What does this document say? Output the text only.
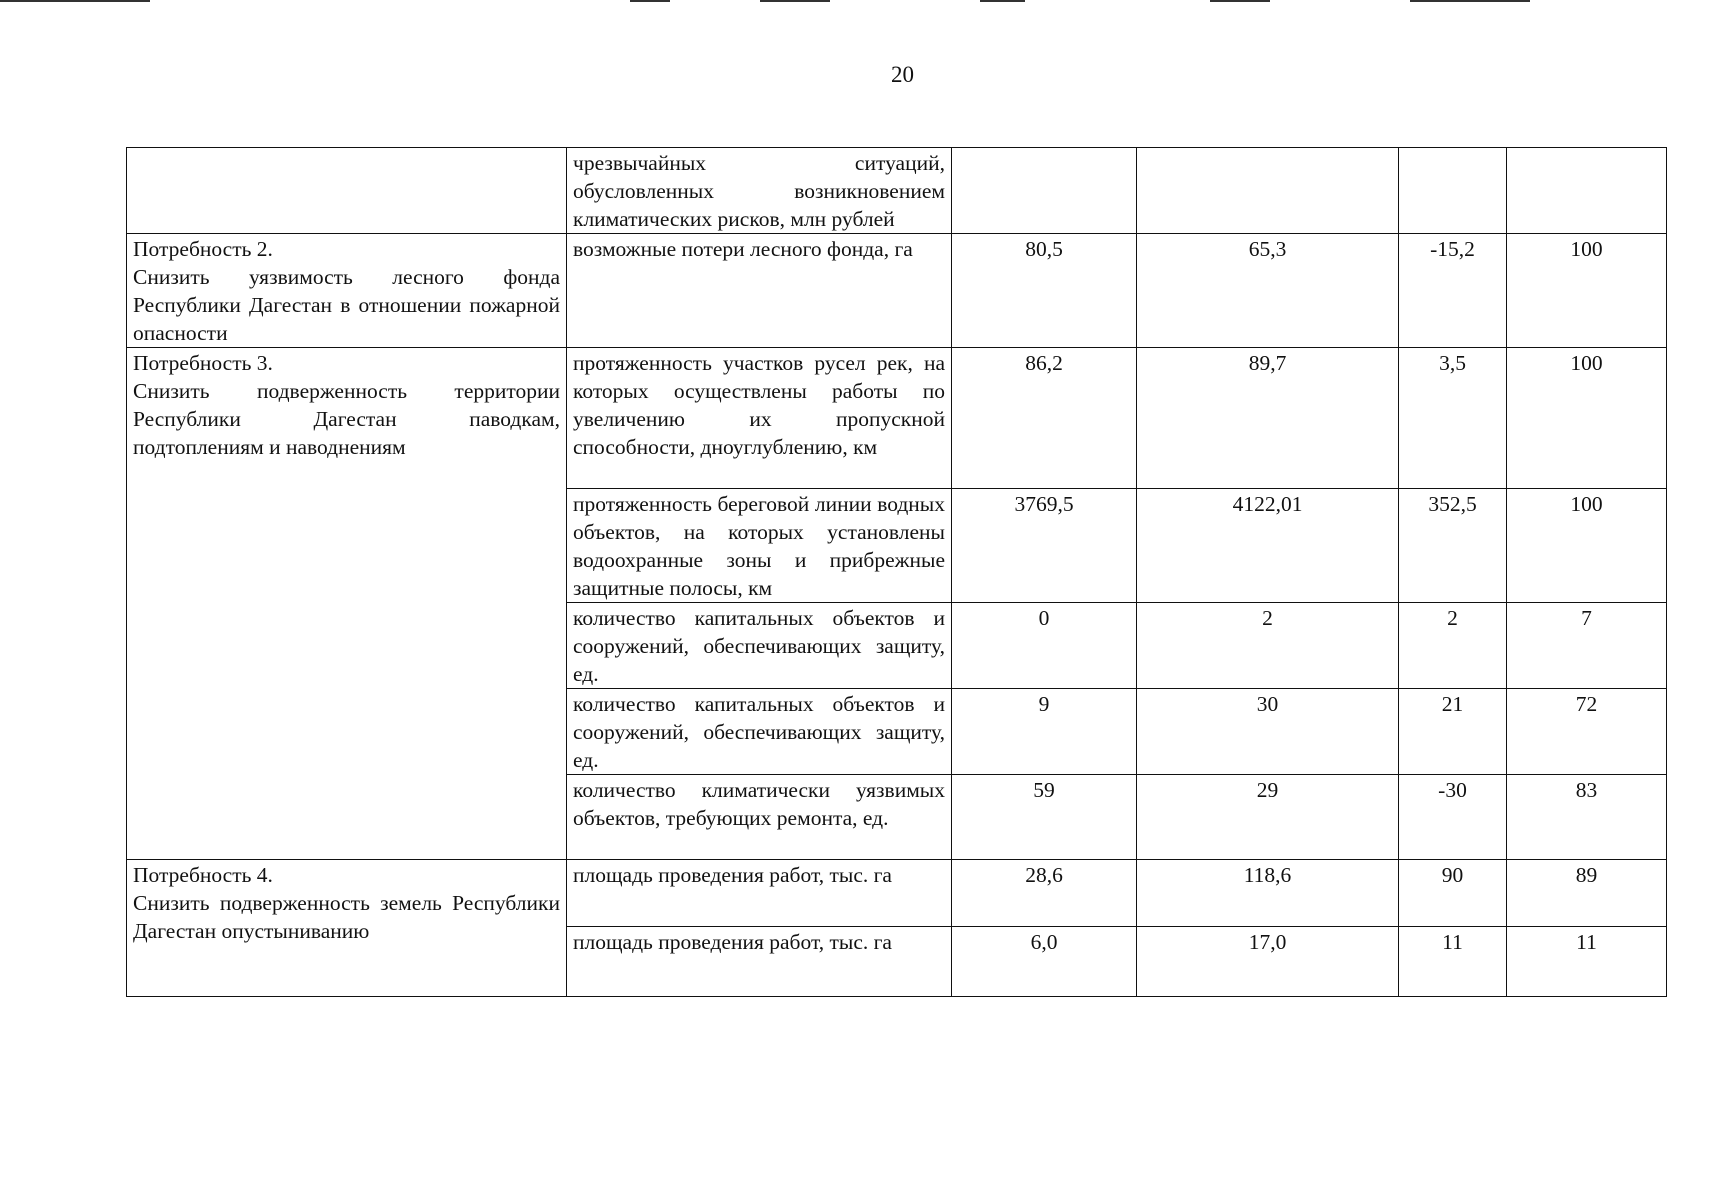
20
	чрезвычайных ситуаций, обусловленных возникновением климатических рисков, млн рублей				

Потребность 2.
Снизить уязвимость лесного фонда Республики Дагестан в отношении пожарной опасности	возможные потери лесного фонда, га	80,5	65,3	-15,2	100

Потребность 3.
Снизить подверженность территории Республики Дагестан паводкам, подтоплениям и наводнениям	протяженность участков русел рек, на которых осуществлены работы по увеличению их пропускной способности, дноуглублению, км	86,2	89,7	3,5	100
	протяженность береговой линии водных объектов, на которых установлены водоохранные зоны и прибрежные защитные полосы, км	3769,5	4122,01	352,5	100
	количество капитальных объектов и сооружений, обеспечивающих защиту, ед.	0	2	2	7
	количество капитальных объектов и сооружений, обеспечивающих защиту, ед.	9	30	21	72
	количество климатически уязвимых объектов, требующих ремонта, ед.	59	29	-30	83

Потребность 4.
Снизить подверженность земель Республики Дагестан опустыниванию	площадь проведения работ, тыс. га	28,6	118,6	90	89
	площадь проведения работ, тыс. га	6,0	17,0	11	11
